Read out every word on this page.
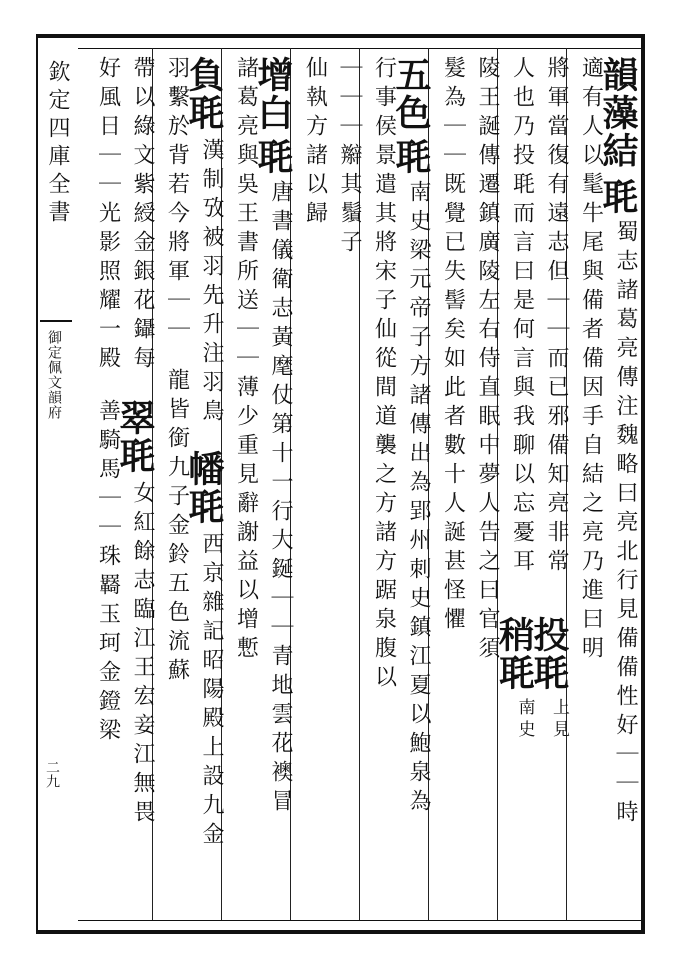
欽定四庫全書
御定佩文韻府
二九
韻藻結
毦
蜀志諸葛亮傳注魏略曰亮北行見備備性好｜｜時
適有人以髦牛尾與備者備因手自結之亮乃進曰明
將軍當復有遠志但｜｜而已邪備知亮非常
投毦
上見
人也乃投毦而言曰是何言與我聊以忘憂耳
稍毦
南史
陵王誕傳遷鎮廣陵左右侍直眠中夢人告之曰官須
髮為｜｜既覺已失髻矣如此者數十人誕甚怪懼
五色
毦
南史梁元帝子方諸傳出為郢州刺史鎮江夏以鮑泉為
行事侯景遣其將宋子仙從間道襲之方諸方踞泉腹以
｜｜｜辮其鬚子
仙執方諸以歸
增白
毦
唐書儀衛志黃麾仗第十一行大鋋｜｜青地雲花襖冒
諸葛亮與吳王書所送｜｜薄少重見辭謝益以增慙
負毦
漢制攷被羽先升注羽鳥
幡毦
西京雜記昭陽殿上設九金
羽繫於背若今將軍｜｜
龍皆銜九子金鈴五色流蘇
帶以綠文紫綬金銀花鑷每
翠毦
女紅餘志臨江王宏妾江無畏
好風日｜｜光影照耀一殿
善騎馬｜｜珠羇玉珂金鐙梁
